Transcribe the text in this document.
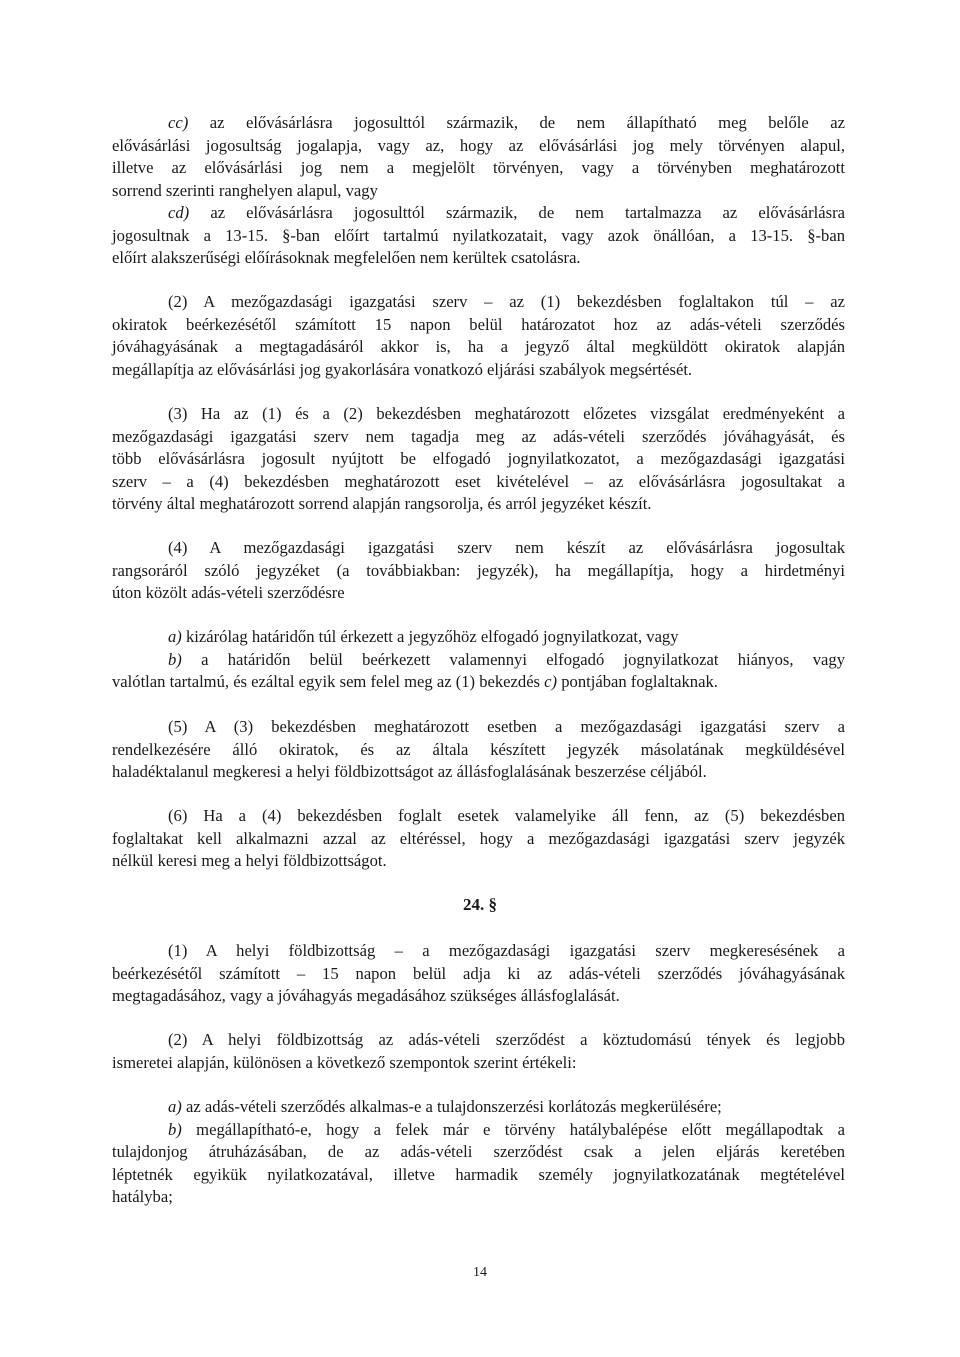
cc) az elővásárlásra jogosulttól származik, de nem állapítható meg belőle az
elővásárlási jogosultság jogalapja, vagy az, hogy az elővásárlási jog mely törvényen alapul,
illetve az elővásárlási jog nem a megjelölt törvényen, vagy a törvényben meghatározott
sorrend szerinti ranghelyen alapul, vagy
cd) az elővásárlásra jogosulttól származik, de nem tartalmazza az elővásárlásra
jogosultnak a 13-15. §-ban előírt tartalmú nyilatkozatait, vagy azok önállóan, a 13-15. §-ban
előírt alakszerűségi előírásoknak megfelelően nem kerültek csatolásra.
(2) A mezőgazdasági igazgatási szerv – az (1) bekezdésben foglaltakon túl – az
okiratok beérkezésétől számított 15 napon belül határozatot hoz az adás-vételi szerződés
jóváhagyásának a megtagadásáról akkor is, ha a jegyző által megküldött okiratok alapján
megállapítja az elővásárlási jog gyakorlására vonatkozó eljárási szabályok megsértését.
(3) Ha az (1) és a (2) bekezdésben meghatározott előzetes vizsgálat eredményeként a
mezőgazdasági igazgatási szerv nem tagadja meg az adás-vételi szerződés jóváhagyását, és
több elővásárlásra jogosult nyújtott be elfogadó jognyilatkozatot, a mezőgazdasági igazgatási
szerv – a (4) bekezdésben meghatározott eset kivételével – az elővásárlásra jogosultakat a
törvény által meghatározott sorrend alapján rangsorolja, és arról jegyzéket készít.
(4) A mezőgazdasági igazgatási szerv nem készít az elővásárlásra jogosultak
rangsoráról szóló jegyzéket (a továbbiakban: jegyzék), ha megállapítja, hogy a hirdetményi
úton közölt adás-vételi szerződésre
a) kizárólag határidőn túl érkezett a jegyzőhöz elfogadó jognyilatkozat, vagy
b) a határidőn belül beérkezett valamennyi elfogadó jognyilatkozat hiányos, vagy
valótlan tartalmú, és ezáltal egyik sem felel meg az (1) bekezdés c) pontjában foglaltaknak.
(5) A (3) bekezdésben meghatározott esetben a mezőgazdasági igazgatási szerv a
rendelkezésére álló okiratok, és az általa készített jegyzék másolatának megküldésével
haladéktalanul megkeresi a helyi földbizottságot az állásfoglalásának beszerzése céljából.
(6) Ha a (4) bekezdésben foglalt esetek valamelyike áll fenn, az (5) bekezdésben
foglaltakat kell alkalmazni azzal az eltéréssel, hogy a mezőgazdasági igazgatási szerv jegyzék
nélkül keresi meg a helyi földbizottságot.
24. §
(1) A helyi földbizottság – a mezőgazdasági igazgatási szerv megkeresésének a
beérkezésétől számított – 15 napon belül adja ki az adás-vételi szerződés jóváhagyásának
megtagadásához, vagy a jóváhagyás megadásához szükséges állásfoglalását.
(2) A helyi földbizottság az adás-vételi szerződést a köztudomású tények és legjobb
ismeretei alapján, különösen a következő szempontok szerint értékeli:
a) az adás-vételi szerződés alkalmas-e a tulajdonszerzési korlátozás megkerülésére;
b) megállapítható-e, hogy a felek már e törvény hatálybalépése előtt megállapodtak a
tulajdonjog átruházásában, de az adás-vételi szerződést csak a jelen eljárás keretében
léptetnék egyikük nyilatkozatával, illetve harmadik személy jognyilatkozatának megtételével
hatályba;
14
